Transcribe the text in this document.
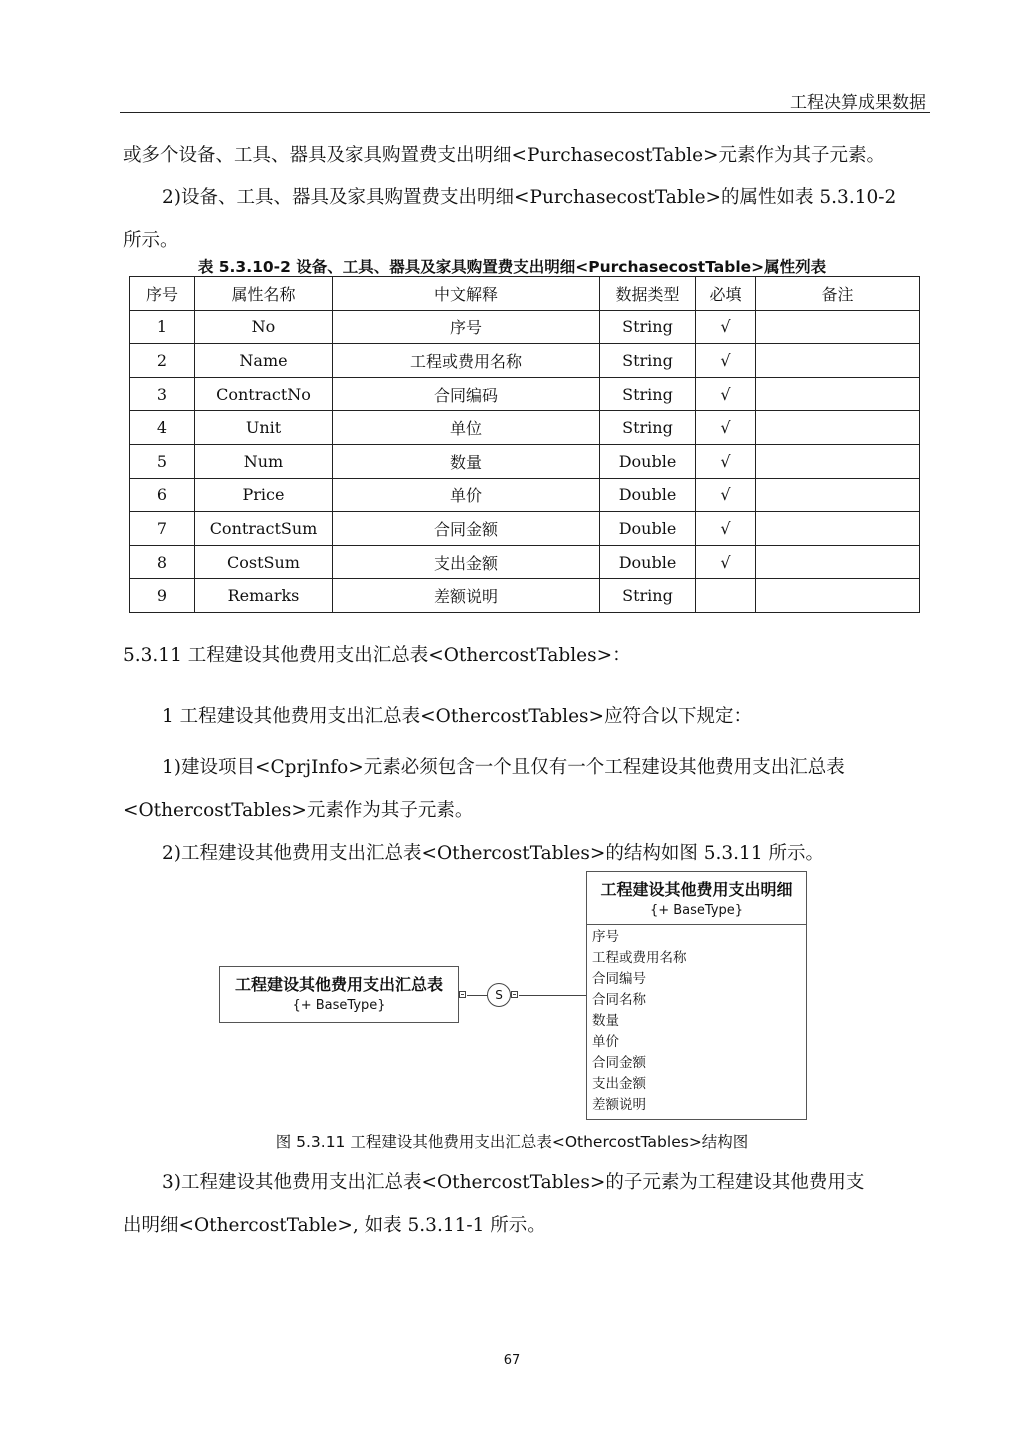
工程决算成果数据
或多个设备、工具、器具及家具购置费支出明细<PurchasecostTable>元素作为其子元素。
2)设备、工具、器具及家具购置费支出明细<PurchasecostTable>的属性如表 5.3.10-2
所示。
表 5.3.10-2 设备、工具、器具及家具购置费支出明细<PurchasecostTable>属性列表
序号	属性名称	中文解释	数据类型	必填	备注
1	No	序号	String	√	
2	Name	工程或费用名称	String	√	
3	ContractNo	合同编码	String	√	
4	Unit	单位	String	√	
5	Num	数量	Double	√	
6	Price	单价	Double	√	
7	ContractSum	合同金额	Double	√	
8	CostSum	支出金额	Double	√	
9	Remarks	差额说明	String		
5.3.11 工程建设其他费用支出汇总表<OthercostTables>：
1 工程建设其他费用支出汇总表<OthercostTables>应符合以下规定：
1)建设项目<CprjInfo>元素必须包含一个且仅有一个工程建设其他费用支出汇总表
<OthercostTables>元素作为其子元素。
2)工程建设其他费用支出汇总表<OthercostTables>的结构如图 5.3.11 所示。
工程建设其他费用支出汇总表
{+ BaseType}
S
工程建设其他费用支出明细
{+ BaseType}
序号
工程或费用名称
合同编号
合同名称
数量
单价
合同金额
支出金额
差额说明
图 5.3.11 工程建设其他费用支出汇总表<OthercostTables>结构图
3)工程建设其他费用支出汇总表<OthercostTables>的子元素为工程建设其他费用支
出明细<OthercostTable>, 如表 5.3.11-1 所示。
67
